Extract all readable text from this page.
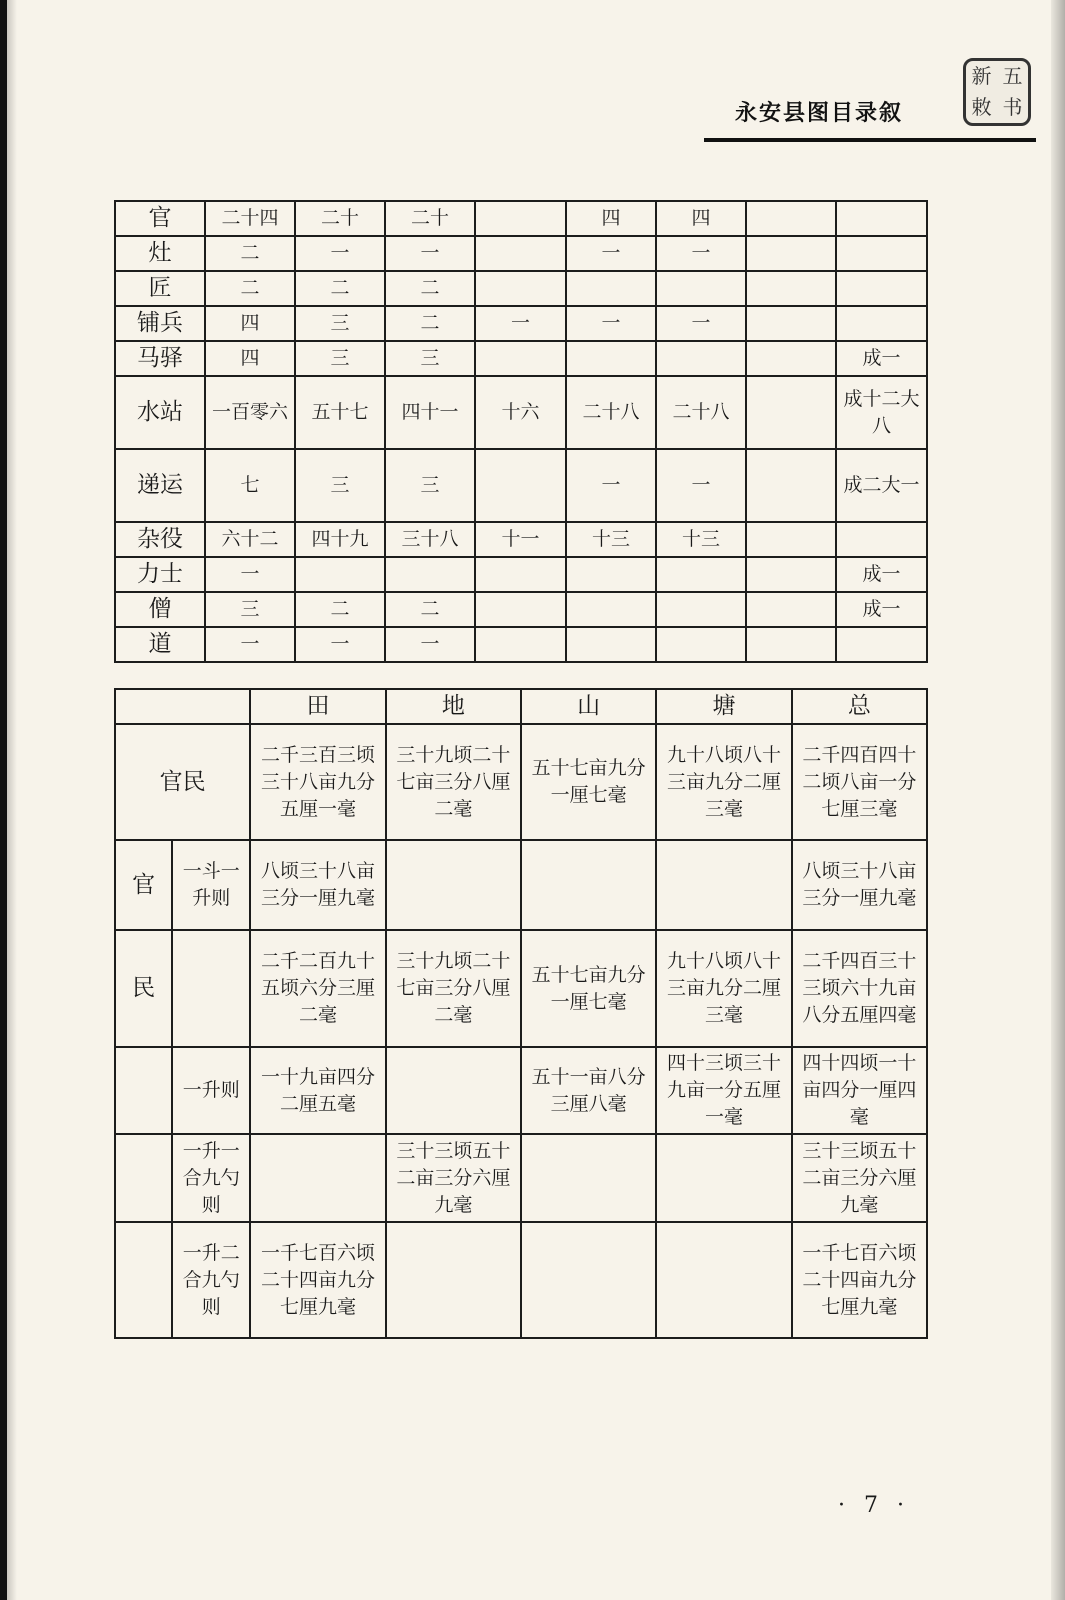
永安县图目录叙
新 五
敕 书
官	二十四	二十	二十		四	四		
灶	二	一	一		一	一		
匠	二	二	二					
铺兵	四	三	二	一	一	一		
马驿	四	三	三					成一
水站	一百零六	五十七	四十一	十六	二十八	二十八		成十二大八
递运	七	三	三		一	一		成二大一
杂役	六十二	四十九	三十八	十一	十三	十三		
力士	一							成一
僧	三	二	二					成一
道	一	一	一					
		田	地	山	塘	总
官民		二千三百三顷三十八亩九分五厘一毫	三十九顷二十七亩三分八厘二毫	五十七亩九分一厘七毫	九十八顷八十三亩九分二厘三毫	二千四百四十二顷八亩一分七厘三毫
官	一斗一升则	八顷三十八亩三分一厘九毫				八顷三十八亩三分一厘九毫
民		二千二百九十五顷六分三厘二毫	三十九顷二十七亩三分八厘二毫	五十七亩九分一厘七毫	九十八顷八十三亩九分二厘三毫	二千四百三十三顷六十九亩八分五厘四毫
	一升则	一十九亩四分二厘五毫		五十一亩八分三厘八毫	四十三顷三十九亩一分五厘一毫	四十四顷一十亩四分一厘四毫
	一升一合九勺则		三十三顷五十二亩三分六厘九毫			三十三顷五十二亩三分六厘九毫
	一升二合九勺则	一千七百六顷二十四亩九分七厘九毫				一千七百六顷二十四亩九分七厘九毫
· 7 ·
